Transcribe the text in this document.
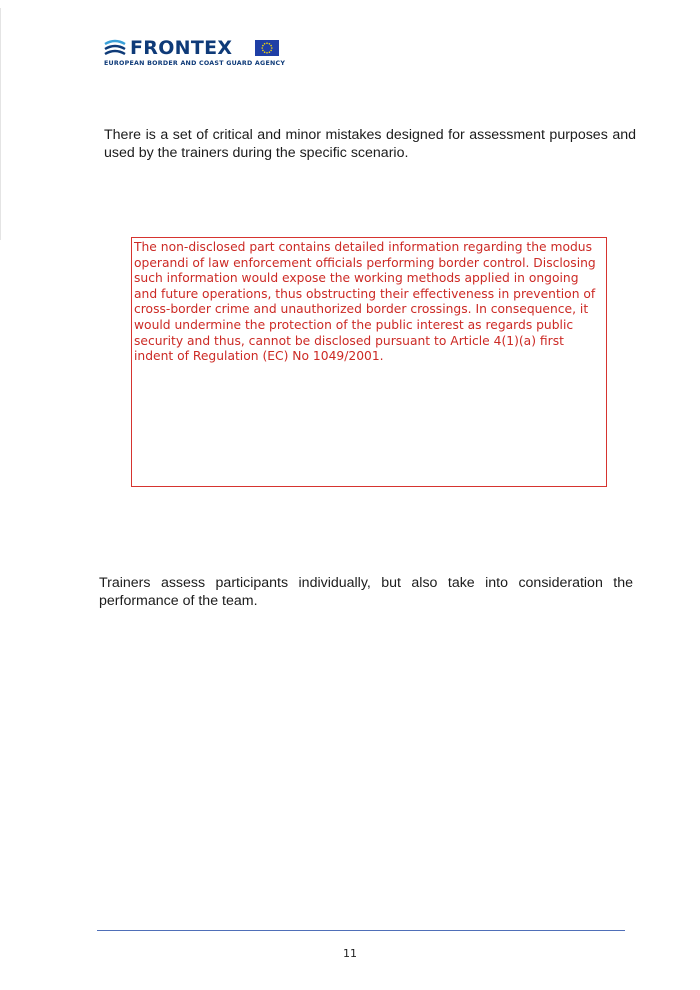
FRONTEX
EUROPEAN BORDER AND COAST GUARD AGENCY

There is a set of critical and minor mistakes designed for assessment purposes and used by the trainers during the specific scenario.

The non-disclosed part contains detailed information regarding the modus operandi of law enforcement officials performing border control. Disclosing such information would expose the working methods applied in ongoing and future operations, thus obstructing their effectiveness in prevention of cross-border crime and unauthorized border crossings. In consequence, it would undermine the protection of the public interest as regards public security and thus, cannot be disclosed pursuant to Article 4(1)(a) first indent of Regulation (EC) No 1049/2001.

Trainers assess participants individually, but also take into consideration the performance of the team.

11
